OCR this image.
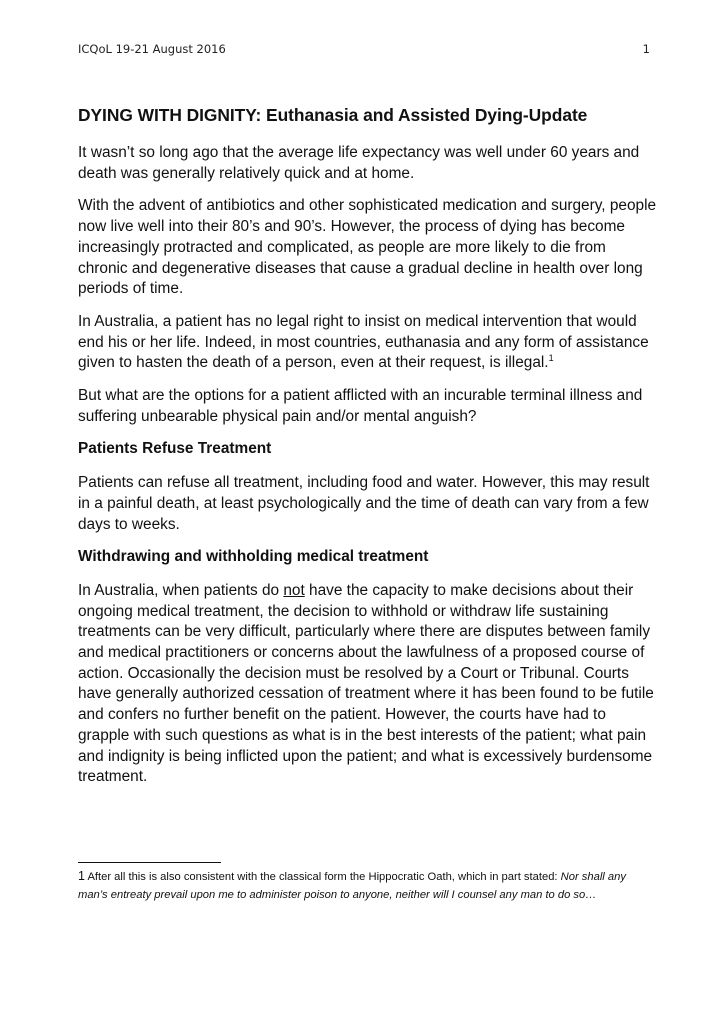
ICQoL 19-21 August 2016	1
DYING WITH DIGNITY: Euthanasia and Assisted Dying-Update

It wasn’t so long ago that the average life expectancy was well under 60 years and death was generally relatively quick and at home.

With the advent of antibiotics and other sophisticated medication and surgery, people now live well into their 80’s and 90’s. However, the process of dying has become increasingly protracted and complicated, as people are more likely to die from chronic and degenerative diseases that cause a gradual decline in health over long periods of time.

In Australia, a patient has no legal right to insist on medical intervention that would end his or her life. Indeed, in most countries, euthanasia and any form of assistance given to hasten the death of a person, even at their request, is illegal.$^1$

But what are the options for a patient afflicted with an incurable terminal illness and suffering unbearable physical pain and/or mental anguish?

Patients Refuse Treatment

Patients can refuse all treatment, including food and water. However, this may result in a painful death, at least psychologically and the time of death can vary from a few days to weeks.

Withdrawing and withholding medical treatment

In Australia, when patients do not have the capacity to make decisions about their ongoing medical treatment, the decision to withhold or withdraw life sustaining treatments can be very difficult, particularly where there are disputes between family and medical practitioners or concerns about the lawfulness of a proposed course of action. Occasionally the decision must be resolved by a Court or Tribunal. Courts have generally authorized cessation of treatment where it has been found to be futile and confers no further benefit on the patient. However, the courts have had to grapple with such questions as what is in the best interests of the patient; what pain and indignity is being inflicted upon the patient; and what is excessively burdensome treatment.

1 After all this is also consistent with the classical form the Hippocratic Oath, which in part stated: Nor shall any man’s entreaty prevail upon me to administer poison to anyone, neither will I counsel any man to do so…
